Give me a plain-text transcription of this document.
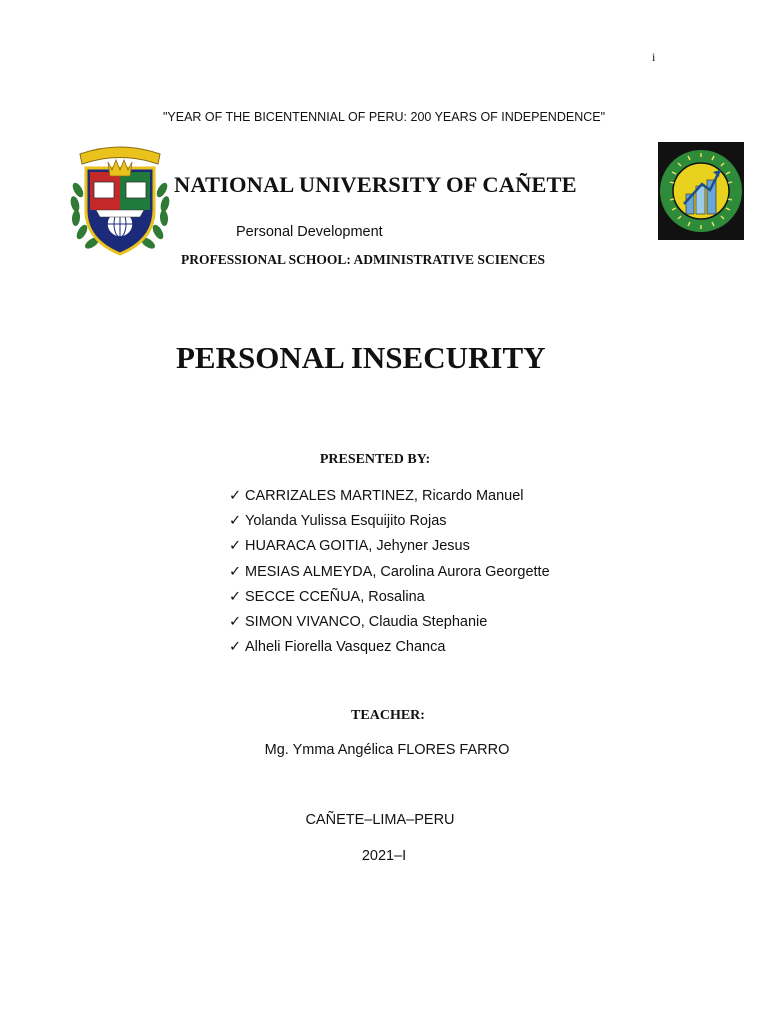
i
"YEAR OF THE BICENTENNIAL OF PERU: 200 YEARS OF INDEPENDENCE"
NATIONAL UNIVERSITY OF CAÑETE
Personal Development
PROFESSIONAL SCHOOL: ADMINISTRATIVE SCIENCES
PERSONAL INSECURITY
PRESENTED BY:
✓ CARRIZALES MARTINEZ, Ricardo Manuel
✓ Yolanda Yulissa Esquijito Rojas
✓ HUARACA GOITIA, Jehyner Jesus
✓ MESIAS ALMEYDA, Carolina Aurora Georgette
✓ SECCE CCEÑUA, Rosalina
✓ SIMON VIVANCO, Claudia Stephanie
✓ Alheli Fiorella Vasquez Chanca
TEACHER:
Mg. Ymma Angélica FLORES FARRO
CAÑETE–LIMA–PERU
2021–I
